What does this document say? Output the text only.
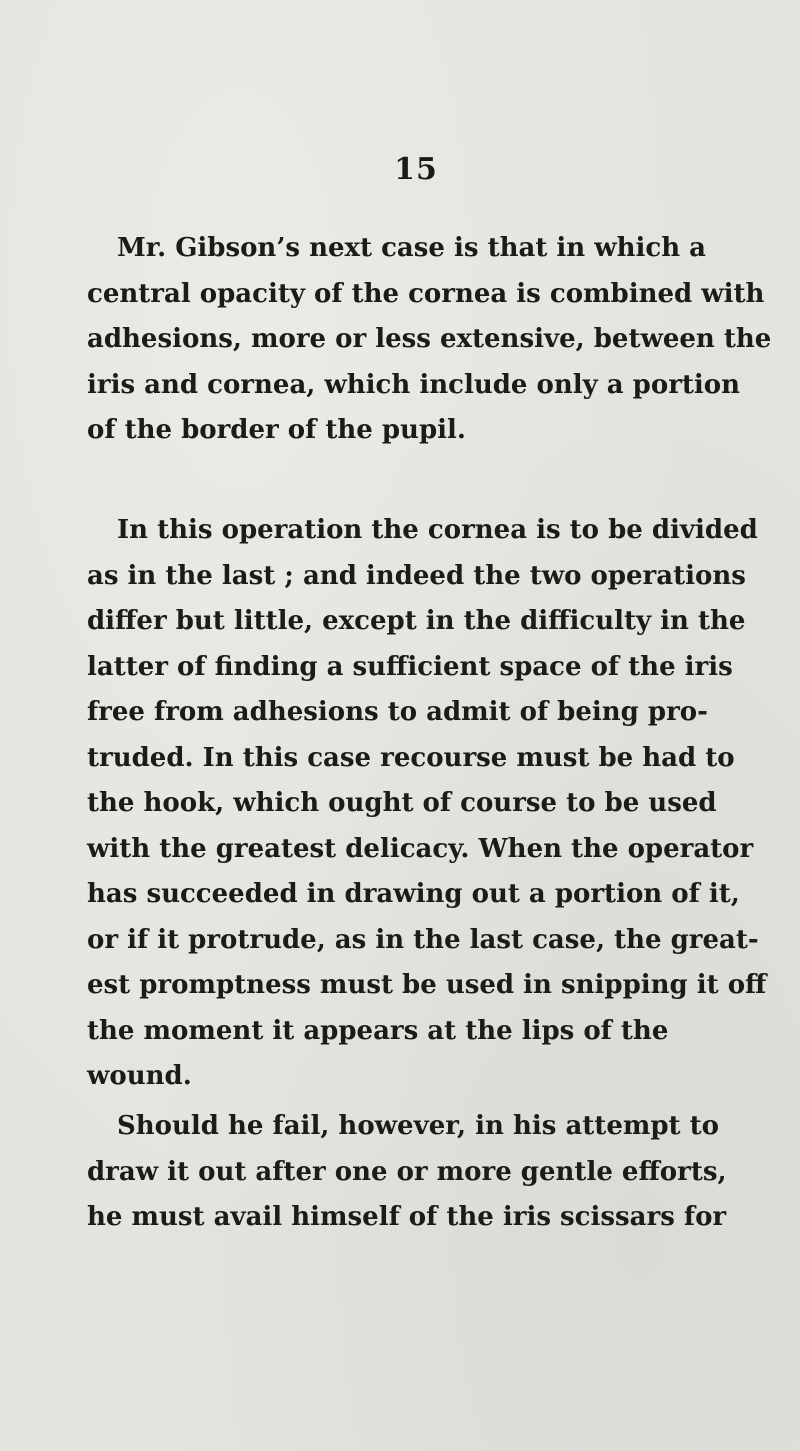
15
Mr. Gibson’s next case is that in which a
central opacity of the cornea is combined with
adhesions, more or less extensive, between the
iris and cornea, which include only a portion
of the border of the pupil.
In this operation the cornea is to be divided
as in the last ; and indeed the two operations
differ but little, except in the difficulty in the
latter of finding a sufficient space of the iris
free from adhesions to admit of being pro-
truded. In this case recourse must be had to
the hook, which ought of course to be used
with the greatest delicacy. When the operator
has succeeded in drawing out a portion of it,
or if it protrude, as in the last case, the great-
est promptness must be used in snipping it off
the moment it appears at the lips of the
wound.
Should he fail, however, in his attempt to
draw it out after one or more gentle efforts,
he must avail himself of the iris scissars for
